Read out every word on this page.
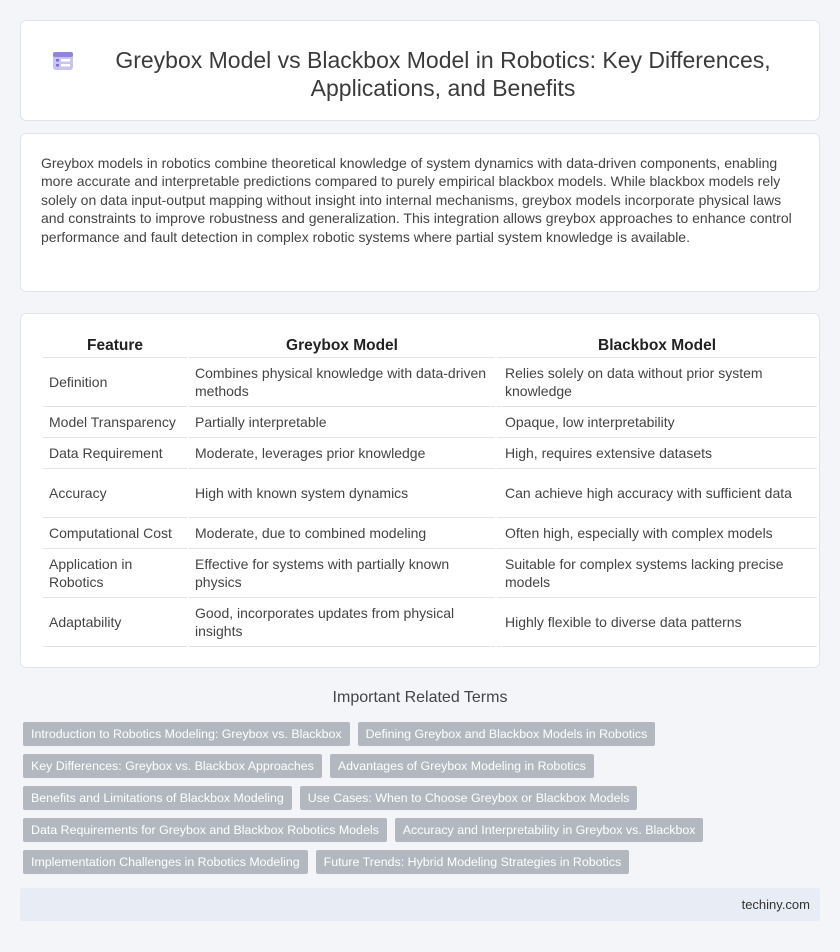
Greybox Model vs Blackbox Model in Robotics: Key Differences, Applications, and Benefits

Greybox models in robotics combine theoretical knowledge of system dynamics with data-driven components, enabling more accurate and interpretable predictions compared to purely empirical blackbox models. While blackbox models rely solely on data input-output mapping without insight into internal mechanisms, greybox models incorporate physical laws and constraints to improve robustness and generalization. This integration allows greybox approaches to enhance control performance and fault detection in complex robotic systems where partial system knowledge is available.

Feature	Greybox Model	Blackbox Model
Definition	Combines physical knowledge with data-driven methods	Relies solely on data without prior system knowledge
Model Transparency	Partially interpretable	Opaque, low interpretability
Data Requirement	Moderate, leverages prior knowledge	High, requires extensive datasets
Accuracy	High with known system dynamics	Can achieve high accuracy with sufficient data
Computational Cost	Moderate, due to combined modeling	Often high, especially with complex models
Application in Robotics	Effective for systems with partially known physics	Suitable for complex systems lacking precise models
Adaptability	Good, incorporates updates from physical insights	Highly flexible to diverse data patterns
Important Related Terms
Introduction to Robotics Modeling: Greybox vs. Blackbox	Defining Greybox and Blackbox Models in Robotics
Key Differences: Greybox vs. Blackbox Approaches	Advantages of Greybox Modeling in Robotics
Benefits and Limitations of Blackbox Modeling	Use Cases: When to Choose Greybox or Blackbox Models
Data Requirements for Greybox and Blackbox Robotics Models	Accuracy and Interpretability in Greybox vs. Blackbox
Implementation Challenges in Robotics Modeling	Future Trends: Hybrid Modeling Strategies in Robotics
techiny.com
